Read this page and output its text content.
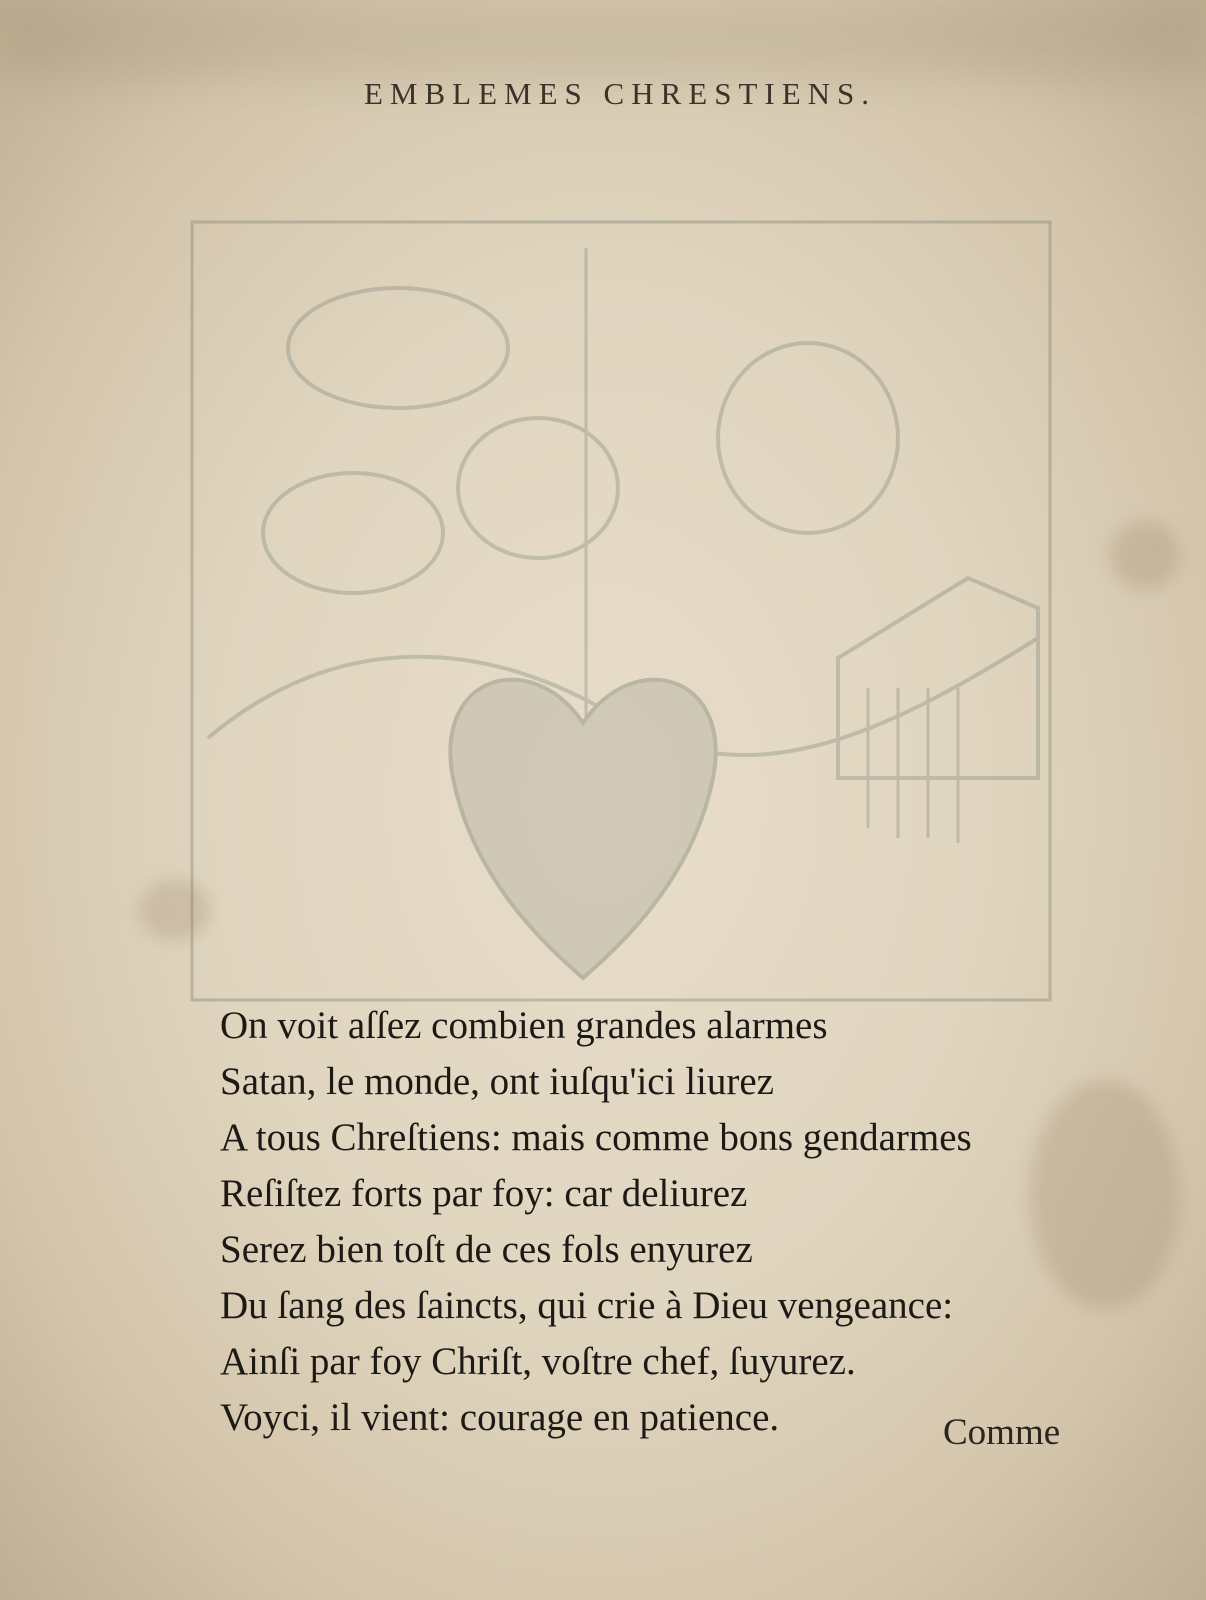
EMBLEMES CHRESTIENS.
On voit aſſez combien grandes alarmes
Satan, le monde, ont iuſqu'ici liurez
A tous Chreſtiens: mais comme bons gendarmes
Reſiſtez forts par foy: car deliurez
Serez bien toſt de ces fols enyurez
Du ſang des ſaincts, qui crie à Dieu vengeance:
Ainſi par foy Chriſt, voſtre chef, ſuyurez.
Voyci, il vient: courage en patience.	Comme
